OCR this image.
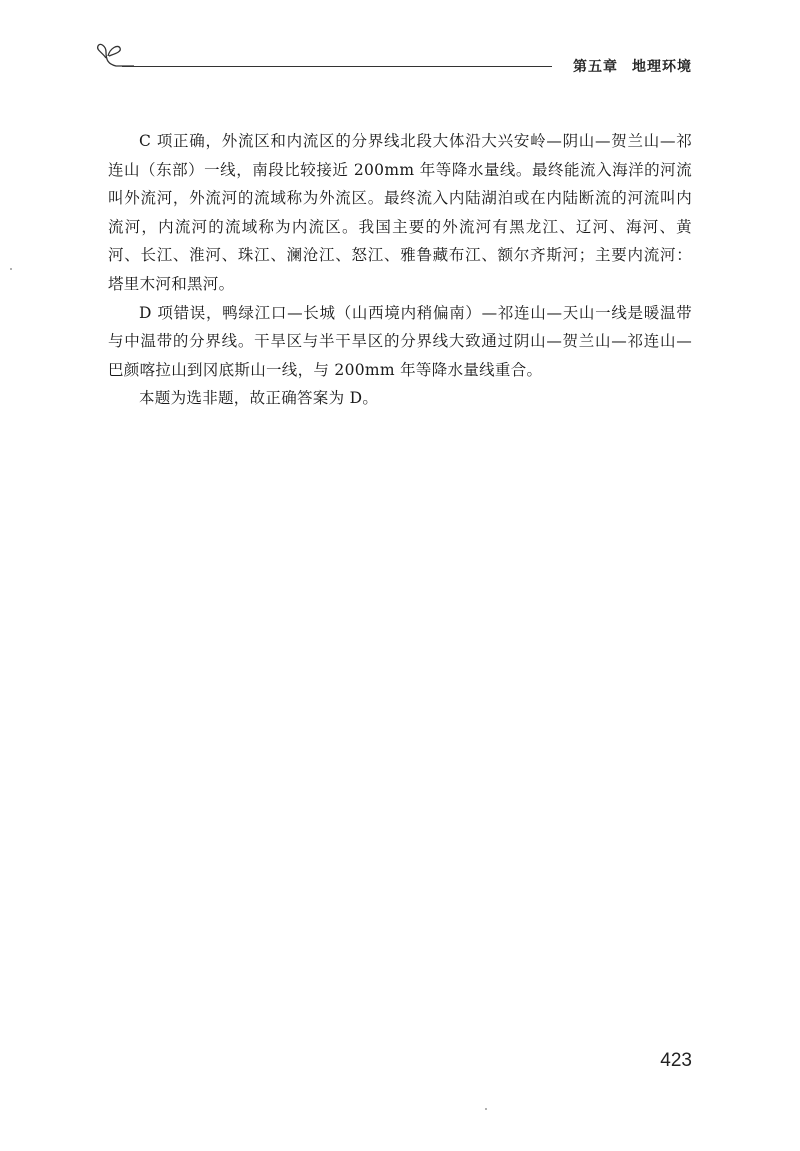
第五章 地理环境

C 项正确，外流区和内流区的分界线北段大体沿大兴安岭—阴山—贺兰山—祁连山（东部）一线，南段比较接近 200mm 年等降水量线。最终能流入海洋的河流叫外流河，外流河的流域称为外流区。最终流入内陆湖泊或在内陆断流的河流叫内流河，内流河的流域称为内流区。我国主要的外流河有黑龙江、辽河、海河、黄河、长江、淮河、珠江、澜沧江、怒江、雅鲁藏布江、额尔齐斯河；主要内流河：塔里木河和黑河。

D 项错误，鸭绿江口—长城（山西境内稍偏南）—祁连山—天山一线是暖温带与中温带的分界线。干旱区与半干旱区的分界线大致通过阴山—贺兰山—祁连山—巴颜喀拉山到冈底斯山一线，与 200mm 年等降水量线重合。

本题为选非题，故正确答案为 D。

423
